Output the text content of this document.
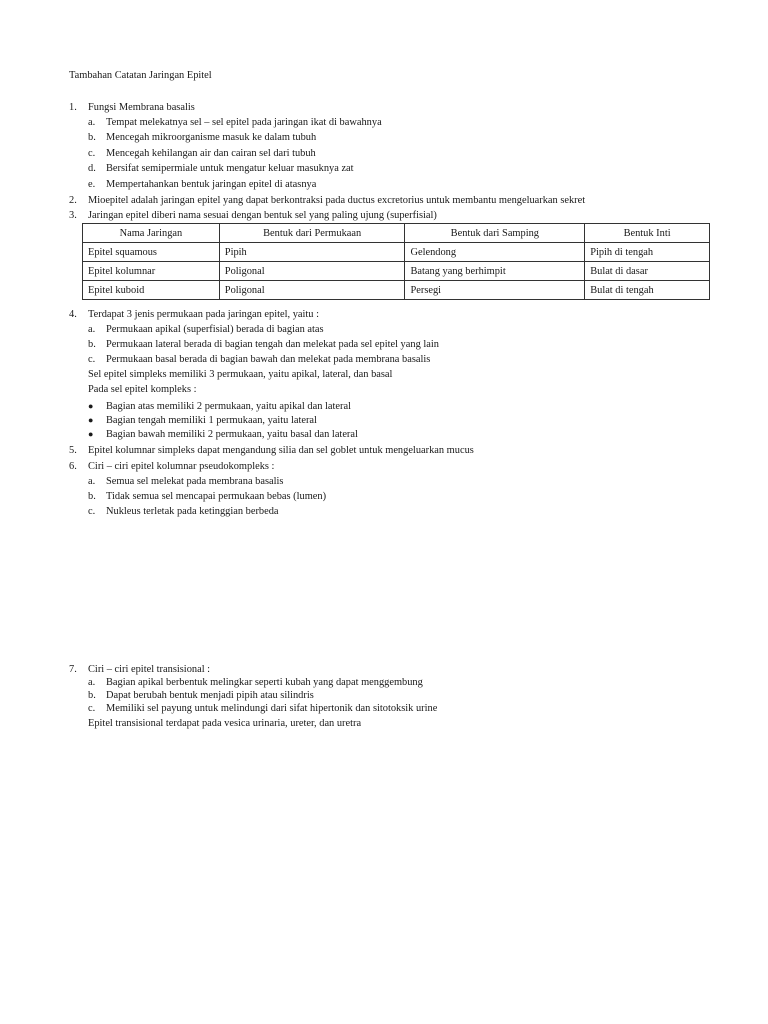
Tambahan Catatan Jaringan Epitel
1. Fungsi Membrana basalis
a. Tempat melekatnya sel – sel epitel pada jaringan ikat di bawahnya
b. Mencegah mikroorganisme masuk ke dalam tubuh
c. Mencegah kehilangan air dan cairan sel dari tubuh
d. Bersifat semipermiale untuk mengatur keluar masuknya zat
e. Mempertahankan bentuk jaringan epitel di atasnya
2. Mioepitel adalah jaringan epitel yang dapat berkontraksi pada ductus excretorius untuk membantu mengeluarkan sekret
3. Jaringan epitel diberi nama sesuai dengan bentuk sel yang paling ujung (superfisial)
Nama Jaringan	Bentuk dari Permukaan	Bentuk dari Samping	Bentuk Inti
Epitel squamous	Pipih	Gelendong	Pipih di tengah
Epitel kolumnar	Poligonal	Batang yang berhimpit	Bulat di dasar
Epitel kuboid	Poligonal	Persegi	Bulat di tengah
4. Terdapat 3 jenis permukaan pada jaringan epitel, yaitu :
a. Permukaan apikal (superfisial) berada di bagian atas
b. Permukaan lateral berada di bagian tengah dan melekat pada sel epitel yang lain
c. Permukaan basal berada di bagian bawah dan melekat pada membrana basalis
Sel epitel simpleks memiliki 3 permukaan, yaitu apikal, lateral, dan basal
Pada sel epitel kompleks :
● Bagian atas memiliki 2 permukaan, yaitu apikal dan lateral
● Bagian tengah memiliki 1 permukaan, yaitu lateral
● Bagian bawah memiliki 2 permukaan, yaitu basal dan lateral
5. Epitel kolumnar simpleks dapat mengandung silia dan sel goblet untuk mengeluarkan mucus
6. Ciri – ciri epitel kolumnar pseudokompleks :
a. Semua sel melekat pada membrana basalis
b. Tidak semua sel mencapai permukaan bebas (lumen)
c. Nukleus terletak pada ketinggian berbeda
7. Ciri – ciri epitel transisional :
a. Bagian apikal berbentuk melingkar seperti kubah yang dapat menggembung
b. Dapat berubah bentuk menjadi pipih atau silindris
c. Memiliki sel payung untuk melindungi dari sifat hipertonik dan sitotoksik urine
Epitel transisional terdapat pada vesica urinaria, ureter, dan uretra
